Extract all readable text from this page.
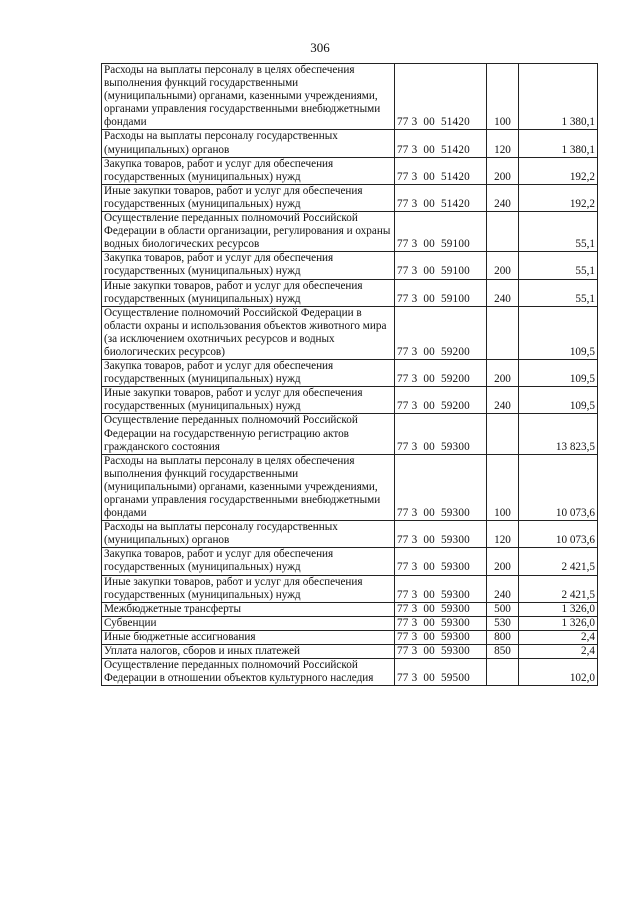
306
Расходы на выплаты персоналу в целях обеспечения выполнения функций государственными (муниципальными) органами, казенными учреждениями, органами управления государственными внебюджетными фондами	77 3  00  51420	100	1 380,1
Расходы на выплаты персоналу государственных (муниципальных) органов	77 3  00  51420	120	1 380,1
Закупка товаров, работ и услуг для обеспечения государственных (муниципальных) нужд	77 3  00  51420	200	192,2
Иные закупки товаров, работ и услуг для обеспечения государственных (муниципальных) нужд	77 3  00  51420	240	192,2
Осуществление переданных полномочий Российской Федерации в области организации, регулирования и охраны водных биологических ресурсов	77 3  00  59100		55,1
Закупка товаров, работ и услуг для обеспечения государственных (муниципальных) нужд	77 3  00  59100	200	55,1
Иные закупки товаров, работ и услуг для обеспечения государственных (муниципальных) нужд	77 3  00  59100	240	55,1
Осуществление полномочий Российской Федерации в области охраны и использования объектов животного мира (за исключением охотничьих ресурсов и водных биологических ресурсов)	77 3  00  59200		109,5
Закупка товаров, работ и услуг для обеспечения государственных (муниципальных) нужд	77 3  00  59200	200	109,5
Иные закупки товаров, работ и услуг для обеспечения государственных (муниципальных) нужд	77 3  00  59200	240	109,5
Осуществление переданных полномочий Российской Федерации на государственную регистрацию актов гражданского состояния	77 3  00  59300		13 823,5
Расходы на выплаты персоналу в целях обеспечения выполнения функций государственными (муниципальными) органами, казенными учреждениями, органами управления государственными внебюджетными фондами	77 3  00  59300	100	10 073,6
Расходы на выплаты персоналу государственных (муниципальных) органов	77 3  00  59300	120	10 073,6
Закупка товаров, работ и услуг для обеспечения государственных (муниципальных) нужд	77 3  00  59300	200	2 421,5
Иные закупки товаров, работ и услуг для обеспечения государственных (муниципальных) нужд	77 3  00  59300	240	2 421,5
Межбюджетные трансферты	77 3  00  59300	500	1 326,0
Субвенции	77 3  00  59300	530	1 326,0
Иные бюджетные ассигнования	77 3  00  59300	800	2,4
Уплата налогов, сборов и иных платежей	77 3  00  59300	850	2,4
Осуществление переданных полномочий Российской Федерации в отношении объектов культурного наследия	77 3  00  59500		102,0
